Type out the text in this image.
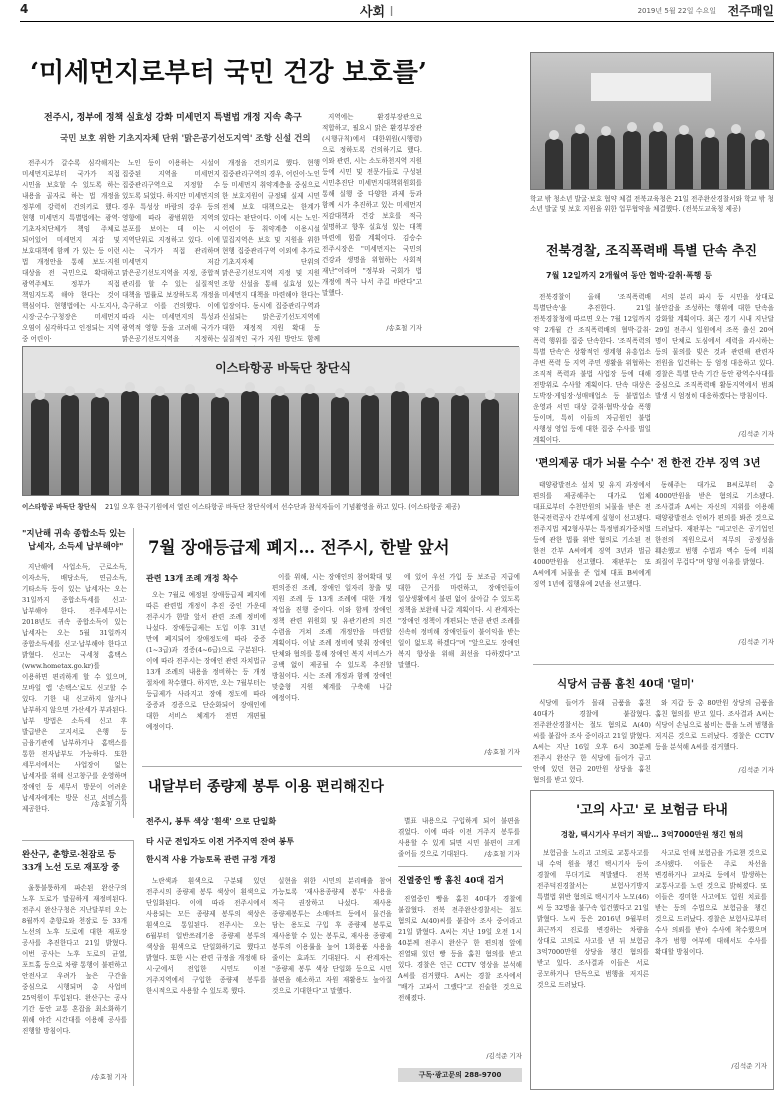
4	사회 I	2019년 5월 22일 수요일 전주매일
‘미세먼지로부터 국민 건강 보호를’
전주시, 정부에 정책 실효성 강화 미세먼지 특별법 개정 지속 촉구
국민 보호 위한 기초지자체 단위 '맑은공기선도지역' 조항 신설 건의

전주시가 갈수록 심각해지는 미세먼지로부터 국가가 직접 시민을 보호할 수 있도록 하는 내용을 골자로 하는 법 개정을 정부에 강력히 건의키로 했다. 현행 미세먼지 특별법에는 광역·기초자치단체가 책임 주체로 되어있어 미세먼지 저감 및 보호대책에 함께 가 있는 등 이런 법 개정안을 통해 보도·지원 대상을 전 국민으로 확대하고 광역주체도 정부가 직접 책임지도록 해야 한다는 것이 핵심이다. 현행법에는 시·도지사, 시장·군수·구청장은 미세먼지 오염이 심각하다고 인정되는 지역 중 어린이·

노인 등이 이용하는 시설이 집중된 지역을 미세먼지 집중관리구역으로 지정할 수 있도록 되었다. 하지만 미세먼지의 경우 특성상 바람의 강우 등의 영향에 따라 광범위한 지역의 분포를 보이는 데 이는 시 지역단위로 지정하고 있다. 이에 시는 국가가 직접 관리하며 미세먼지 저감 맑은공기선도지역을 지정, 종합적 관리를 할 수 있는 실질적인 대책을 법률로 보장하도록 개정을 촉구하고 이를 건의했다. 이에 따라 시는 미세먼지의 특성과 광역적 영향 등을 고려해 국가가 맑은공기선도지역을 지정하는

개정을 건의키로 했다. 현행 집중관리구역의 경우, 어린이·노인 등 미세먼지 취약계층을 중심으로 한 보호지원이 규정돼 실제 시민 전체 보호 대책으로는 한계가 있다는 판단이다. 이에 시는 노인·어린이 등 취약계층 이용시설 밀집지역은 보호 및 지원을 위한 현행 집중관리구역 이외에 추가로 기초지자체 단위의 맑은공기선도지역 지정 및 지원 조항 신설을 통해 실효성 있는 미세먼지 대책을 마련해야 한다는 입장이다. 동시에 집중관리구역과 신설되는 맑은공기선도지역에 대한 재정적 지원 확대 등 실질적인 국가 지원 방안도 함께

지역에는 환경부장관으로 적합하고, 필요시 맑은 환경부장관(시행규칙)에서 대한위원(시행령)으로 정하도록 건의하기로 했다. 이와 관련, 시는 소도하천지역 지원 등에 시민 및 전문가들로 구성된 시민추진단 미세먼지대책위원회를 통해 실행 중 다양한 과제 등과 함께 시가 추진하고 있는 미세먼지 저감대책과 건강 보호를 적극 설명하고 향후 실효성 있는 대책 마련에 힘쓸 계획이다. 김승수 전주시장은 "미세먼지는 국민의 건강과 생명을 위협하는 사회적 재난"이라며 "정부와 국회가 법 개정에 적극 나서 주길 바란다"고 말했다.

/송효철 기자
학교 밖 청소년 발굴·보호 협약 체결 전북교육청은 21일 전주완산경찰서와 학교 밖 청소년 발굴 및 보호 지원을 위한 업무협약을 체결했다. (전북도교육청 제공)
전북경찰, 조직폭력배 특별 단속 추진
7월 12일까지 2개월여 동안 협박·갈취·폭행 등

전북경찰이 올해 '조직폭력배 특별단속'을 추진한다. 21일 전북경찰청에 따르면 오는 7월 12일까지 약 2개월 간 조직폭력배의 협박·갈취·폭력 행위를 집중 단속한다. '조직폭력의 특별 단속'은 상황적인 생계형 유흥업소 주변 폭력 등 지역 주민 생활을 위협하는 조직적 폭력과 불법 사업장 등에 대해 전방위로 수사할 계획이다. 단속 대상은 도박장·게임장·성매매업소 등 불법업소 운영과 서민 대상 갈취·협박·상습 폭행 등이며, 특히 이들의 자금원인 불법 사행성 영업 등에 대한 집중 수사를 벌일 계획이다.

서의 분리 파시 등 시민을 상대로 불안감을 조성하는 행위에 대한 단속을 강화할 계획이다. 최근 경기 시내 지난달 29일 전주시 일원에서 조폭 출신 20여 명이 단체로 도심에서 세력을 과시하는 등의 물의를 빚은 것과 관련해 관련자 전원을 입건하는 등 엄정 대응하고 있다. 경찰은 특별 단속 기간 동안 광역수사대를 중심으로 조직폭력배 활동지역에서 범죄 발생 시 엄정히 대응하겠다는 방침이다.

/김석준 기자
이스타항공 바둑단 창단식
이스타항공 바둑단 창단식 21일 오후 한국기원에서 열린 이스타항공 바둑단 창단식에서 선수단과 참석자들이 기념촬영을 하고 있다. (이스타항공 제공)
'편의제공 대가 뇌물 수수' 전 한전 간부 징역 3년

태양광발전소 설치 및 유지 과정에서 편의를 제공해주는 대가로 업체 대표로부터 수천만원의 뇌물을 받은 전 한국전력공사 간부에게 실형이 선고됐다. 전주지법 제2형사부는 특정범죄가중처벌 등에 관한 법률 위반 혐의로 기소된 전 한전 간부 A씨에게 징역 3년과 벌금 4000만원을 선고했다. 재판부는 또 A씨에게 뇌물을 준 업체 대표 B씨에게 징역 1년에 집행유예 2년을 선고했다.

동해주는 대가로 B씨로부터 총 4000만원을 받은 혐의로 기소됐다. 조사결과 A씨는 자신의 지위를 이용해 태양광발전소 인허가 편의를 봐준 것으로 드러났다. 재판부는 "피고인은 공기업인 한전의 직원으로서 직무의 공정성을 훼손했고 범행 수법과 액수 등에 비춰 죄질이 무겁다"며 양형 이유를 밝혔다.

/김석준 기자
"지난해 귀속 종합소득 있는
납세자, 소득세 납부해야"

지난해에 사업소득, 근로소득, 이자소득, 배당소득, 연금소득, 기타소득 등이 있는 납세자는 오는 31일까지 종합소득세를 신고·납부해야 한다. 전주세무서는 2018년도 귀속 종합소득이 있는 납세자는 오는 5월 31일까지 종합소득세를 신고·납부해야 한다고 밝혔다. 신고는 국세청 홈택스(www.hometax.go.kr)를 이용하면 편리하게 할 수 있으며, 모바일 앱 '손택스'로도 신고할 수 있다. 기한 내 신고하지 않거나 납부하지 않으면 가산세가 부과된다. 납부 방법은 소득세 신고 후 발급받은 고지서로 은행 등 금융기관에 납부하거나 홈택스를 통한 전자납부도 가능하다. 또한 세무서에서는 사업장이 없는 납세자를 위해 신고창구를 운영하며 장애인 등 세무서 방문이 어려운 납세자에게는 방문 신고 서비스를 제공한다.

/송효철 기자
7월 장애등급제 폐지… 전주시, 한발 앞서
관련 13개 조례 개정 착수

오는 7월로 예정된 장애등급제 폐지에 따른 관련법 개정이 추진 중인 가운데 전주시가 한발 앞서 관련 조례 정비에 나섰다. 장애등급제는 도입 이후 31년 만에 폐지되어 장애정도에 따라 중증(1~3급)과 경증(4~6급)으로 구분된다. 이에 따라 전주시는 장애인 관련 자치법규 13개 조례의 내용을 정비하는 등 개정 절차에 착수했다. 하지만, 오는 7월부터는 등급제가 사라지고 장애 정도에 따라 중증과 경증으로 단순화되어 장애인에 대한 서비스 체계가 전면 개편될 예정이다.

이를 위해, 시는 장애인의 참여확대 및 편의증진 조례, 장애인 일자리 창출 및 지원 조례 등 13개 조례에 대한 개정 작업을 진행 중이다. 이와 함께 장애인 정책 관련 위원회 및 유관기관의 의견 수렴을 거쳐 조례 개정안을 마련할 계획이다. 이날 조례 정비에 맞춰 장애인 단체와 협의를 통해 장애인 복지 서비스가 공백 없이 제공될 수 있도록 추진할 방침이다. 시는 조례 개정과 함께 장애인 맞춤형 지원 체계를 구축해 나갈 예정이다.

에 있어 우선 가입 등 보조금 지급에 대한 근거를 마련하고, 장애인들이 일상생활에서 불편 없이 살아갈 수 있도록 정책을 보완해 나갈 계획이다. 시 관계자는 "장애인 정책이 개편되는 만큼 관련 조례를 신속히 정비해 장애인들이 불이익을 받는 일이 없도록 하겠다"며 "앞으로도 장애인 복지 향상을 위해 최선을 다하겠다"고 말했다.

/송효철 기자
식당서 금품 훔친 40대 '덜미'

식당에 들어가 몰래 금품을 훔친 40대가 경찰에 붙잡혔다. 전주완산경찰서는 절도 혐의로 A(40)씨를 붙잡아 조사 중이라고 21일 밝혔다. A씨는 지난 16일 오후 6시 30분께 전주시 완산구 한 식당에 들어가 금고 안에 있던 현금 20만원 상당을 훔친 혐의를 받고 있다.

와 지갑 등 총 80만원 상당의 금품을 훔친 혐의를 받고 있다. 조사결과 A씨는 식당이 손님으로 붐비는 틈을 노려 범행을 저지른 것으로 드러났다. 경찰은 CCTV 등을 분석해 A씨를 검거했다.

/김석준 기자
내달부터 종량제 봉투 이용 편리해진다
전주시, 봉투 색상 '흰색' 으로 단일화
타 시군 전입자도 이전 거주지역 잔여 봉투
한시적 사용 가능토록 관련 규정 개정

노란색과 흰색으로 구분돼 있던 전주시의 종량제 봉투 색상이 흰색으로 단일화된다. 이에 따라 전주시에서 사용되는 모든 종량제 봉투의 색상은 흰색으로 통일된다. 전주시는 오는 6월부터 일반쓰레기용 종량제 봉투의 색상을 흰색으로 단일화하기로 했다고 밝혔다. 또한 시는 관련 규정을 개정해 타 시·군에서 전입한 시민도 이전 거주지역에서 구입한 종량제 봉투를 한시적으로 사용할 수 있도록 했다.

실현을 위한 시민의 분리배출 참여 가능토록 '재사용종량제 봉투' 사용을 적극 권장하고 나섰다. 재사용 종량제봉투는 소매마트 등에서 물건을 담는 용도로 구입 후 종량제 봉투로 재사용할 수 있는 봉투로, 재사용 종량제 봉투의 이용률을 높여 1회용품 사용을 줄이는 효과도 기대된다. 시 관계자는 "종량제 봉투 색상 단일화 등으로 시민 불편을 해소하고 자원 재활용도 높아질 것으로 기대한다"고 말했다.

별표 내용으로 구입하게 되어 불편을 겪었다. 이에 따라 이전 거주지 봉투를 사용할 수 있게 되면 시민 불편이 크게 줄어들 것으로 기대된다.	/송효철 기자
완산구, 춘향로·천잠로 등
33개 노선 도로 재포장 중

울퉁불퉁하게 파손된 완산구의 노후 도로가 말끔하게 재정비된다. 전주시 완산구청은 지난달부터 오는 8월까지 춘향로와 천잠로 등 33개 노선의 노후 도로에 대한 재포장 공사를 추진한다고 21일 밝혔다. 이번 공사는 노후 도로의 균열, 포트홀 등으로 차량 통행이 불편하고 안전사고 우려가 높은 구간을 중심으로 시행되며 총 사업비 25억원이 투입된다. 완산구는 공사 기간 동안 교통 혼잡을 최소화하기 위해 야간 시간대를 이용해 공사를 진행할 방침이다.

/송효철 기자
진열중인 빵 훔친 40대 검거

진열중인 빵을 훔친 40대가 경찰에 붙잡혔다. 전북 전주완산경찰서는 절도 혐의로 A(40)씨를 붙잡아 조사 중이라고 21일 밝혔다. A씨는 지난 19일 오전 1시 40분께 전주시 완산구 한 편의점 앞에 진열돼 있던 빵 등을 훔친 혐의를 받고 있다. 경찰은 인근 CCTV 영상을 분석해 A씨를 검거했다. A씨는 경찰 조사에서 "배가 고파서 그랬다"고 진술한 것으로 전해졌다.

/김석준 기자
구독·광고문의 288-9700
'고의 사고' 로 보험금 타내
경찰, 택시기사 무더기 적발… 3억7000만원 챙긴 혐의

보험금을 노리고 고의로 교통사고를 내 수억 원을 챙긴 택시기사 등이 경찰에 무더기로 적발됐다. 전북 전주덕진경찰서는 보험사기방지 특별법 위반 혐의로 택시기사 노모(46)씨 등 32명을 불구속 입건했다고 21일 밝혔다. 노씨 등은 2016년 9월부터 최근까지 진로를 변경하는 차량을 상대로 고의로 사고를 낸 뒤 보험금 3억7000만원 상당을 챙긴 혐의를 받고 있다. 조사결과 이들은 서로 공모하거나 단독으로 범행을 저지른 것으로 드러났다.

사고로 인해 보험금을 가로챈 것으로 조사됐다. 이들은 주로 차선을 변경하거나 교차로 등에서 발생하는 교통사고를 노린 것으로 밝혀졌다. 또 이들은 경미한 사고에도 입원 치료를 받는 등의 수법으로 보험금을 챙긴 것으로 드러났다. 경찰은 보험사로부터 수사 의뢰를 받아 수사에 착수했으며 추가 범행 여부에 대해서도 수사를 확대할 방침이다.

/김석준 기자
